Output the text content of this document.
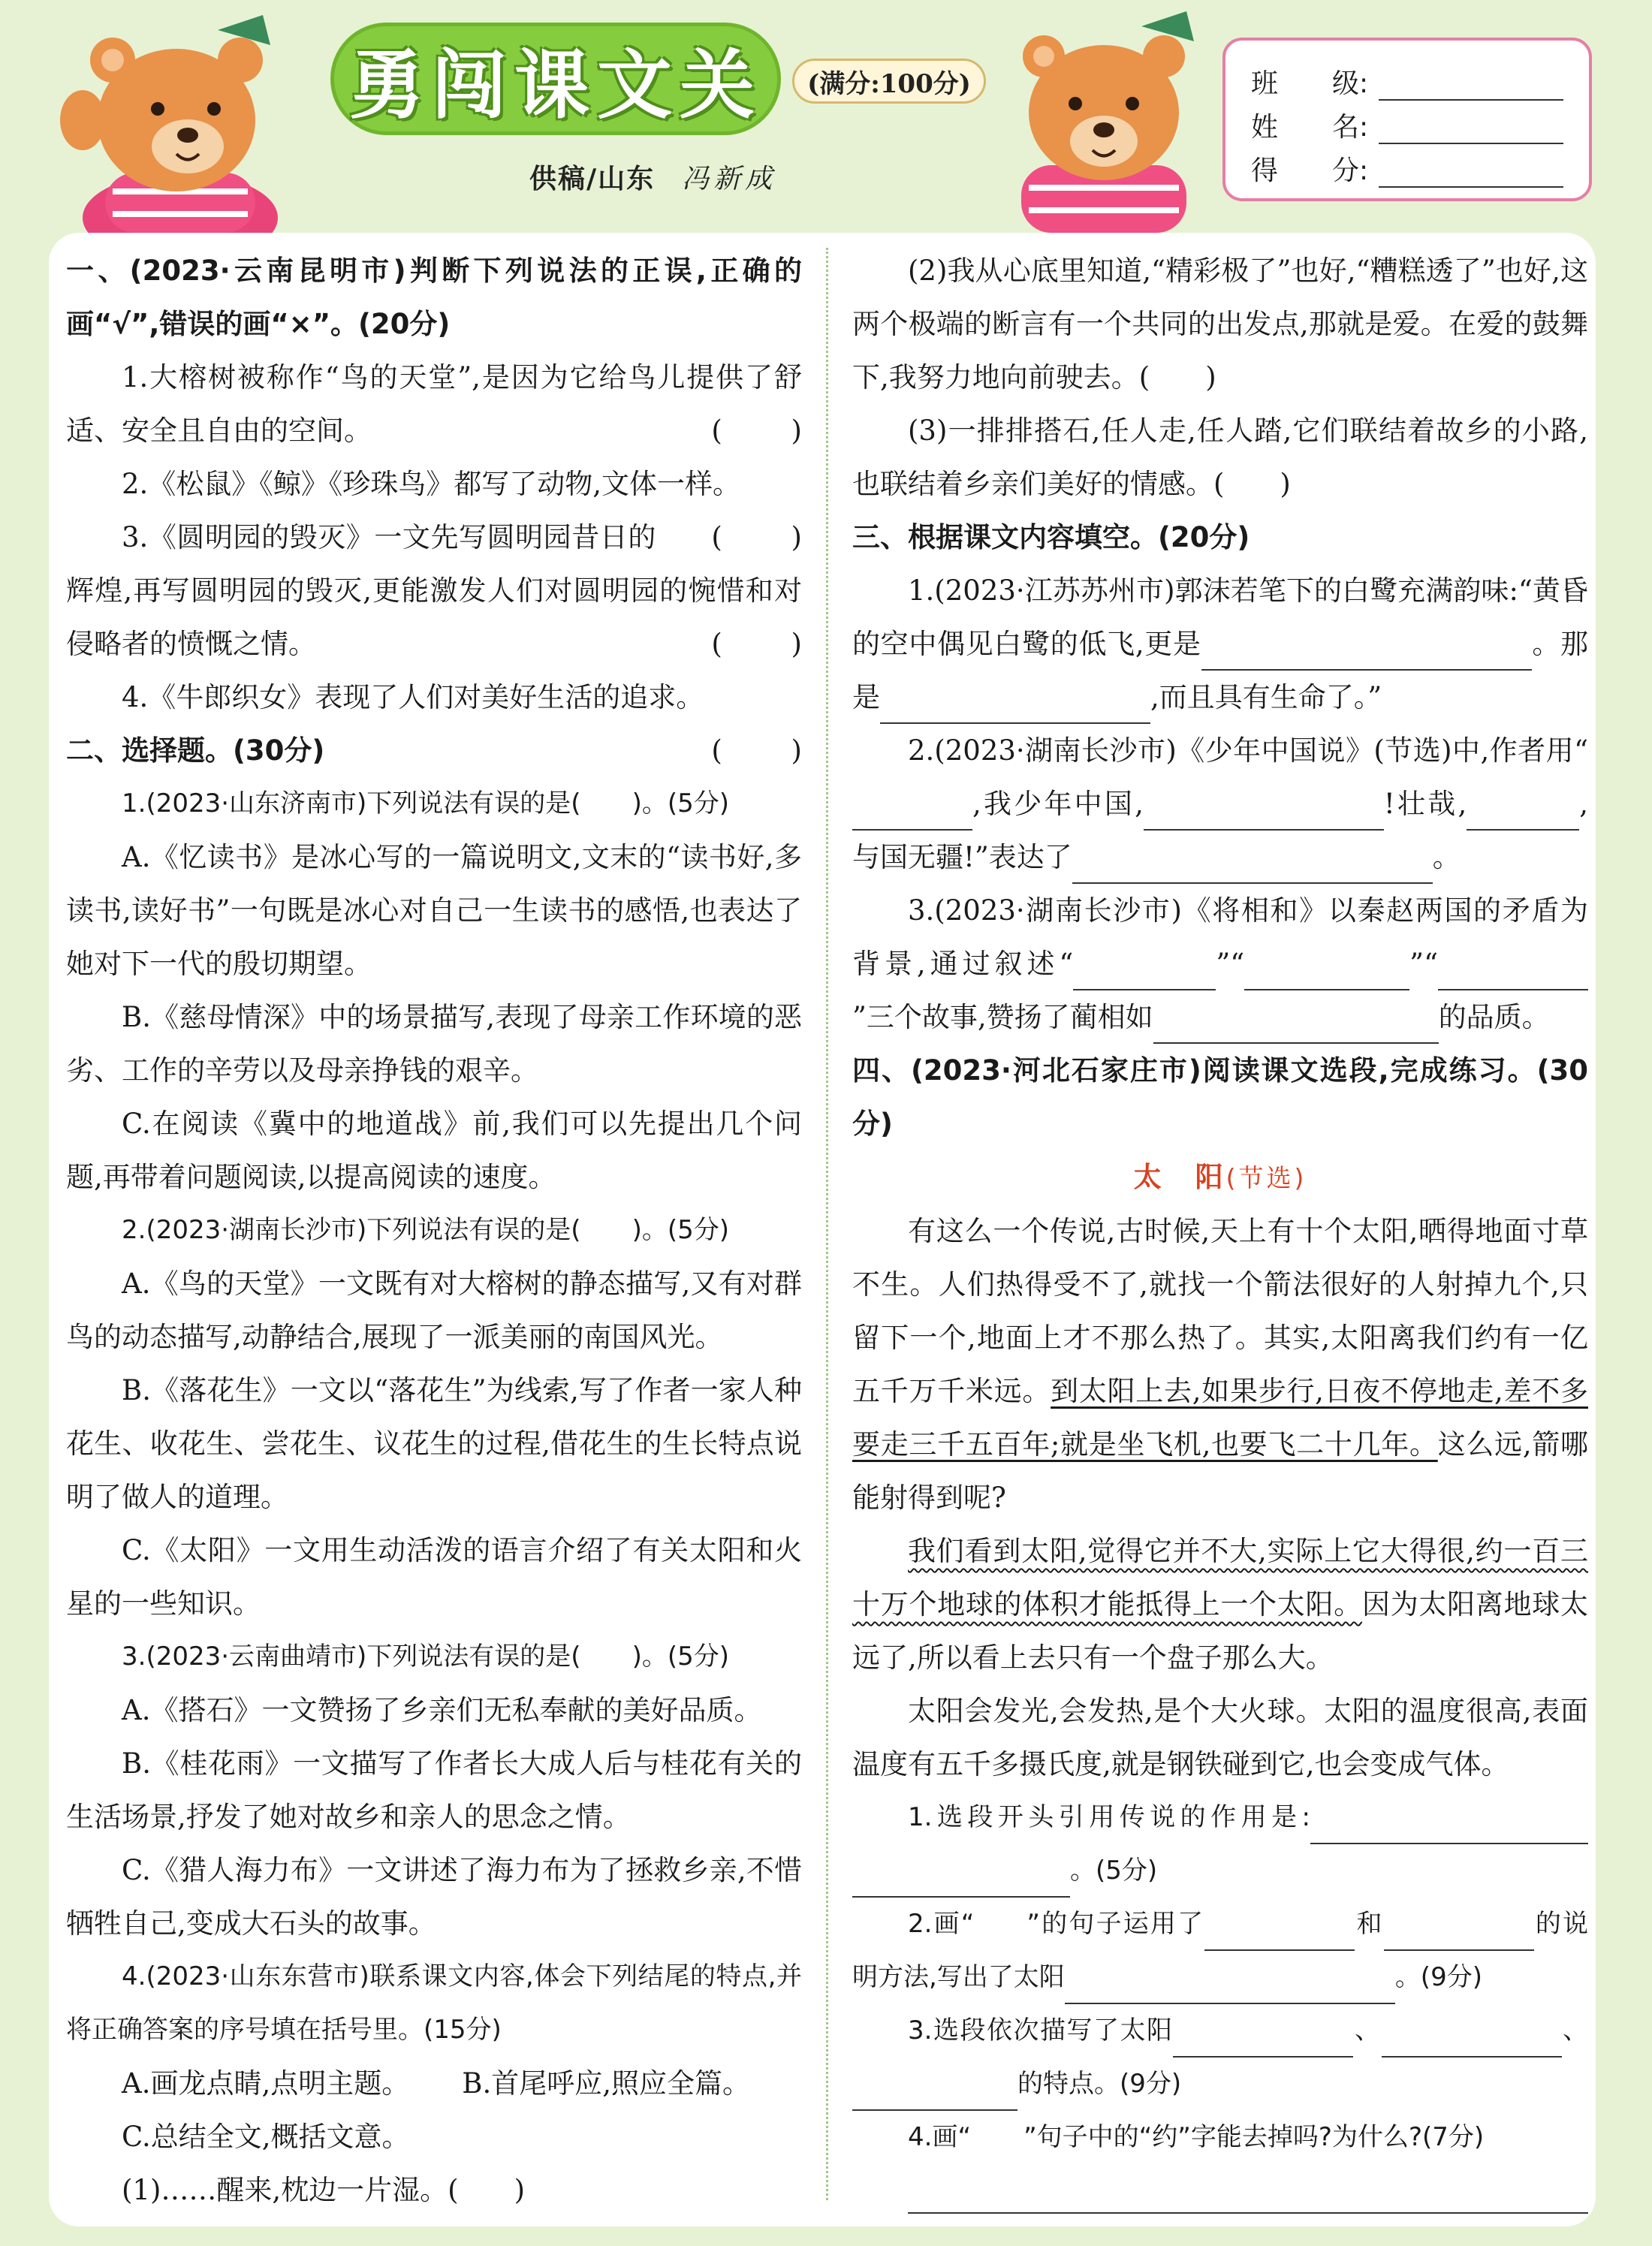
勇闯课文关	(满分:100分)
供稿/山东 冯新成
班　　级:
姓　　名:
得　　分:
一、(2023·云南昆明市)判断下列说法的正误,正确的画“√”,错误的画“×”。(20分)
1.大榕树被称作“鸟的天堂”,是因为它给鸟儿提供了舒适、安全且自由的空间。	( )
2.《松鼠》《鲸》《珍珠鸟》都写了动物,文体一样。
( )
3.《圆明园的毁灭》一文先写圆明园昔日的辉煌,再写圆明园的毁灭,更能激发人们对圆明园的惋惜和对侵略者的愤慨之情。	( )
4.《牛郎织女》表现了人们对美好生活的追求。
( )
二、选择题。(30分)
1.(2023·山东济南市)下列说法有误的是(　　)。(5分)
A.《忆读书》是冰心写的一篇说明文,文末的“读书好,多读书,读好书”一句既是冰心对自己一生读书的感悟,也表达了她对下一代的殷切期望。
B.《慈母情深》中的场景描写,表现了母亲工作环境的恶劣、工作的辛劳以及母亲挣钱的艰辛。
C.在阅读《冀中的地道战》前,我们可以先提出几个问题,再带着问题阅读,以提高阅读的速度。
2.(2023·湖南长沙市)下列说法有误的是(　　)。(5分)
A.《鸟的天堂》一文既有对大榕树的静态描写,又有对群鸟的动态描写,动静结合,展现了一派美丽的南国风光。
B.《落花生》一文以“落花生”为线索,写了作者一家人种花生、收花生、尝花生、议花生的过程,借花生的生长特点说明了做人的道理。
C.《太阳》一文用生动活泼的语言介绍了有关太阳和火星的一些知识。
3.(2023·云南曲靖市)下列说法有误的是(　　)。(5分)
A.《搭石》一文赞扬了乡亲们无私奉献的美好品质。
B.《桂花雨》一文描写了作者长大成人后与桂花有关的生活场景,抒发了她对故乡和亲人的思念之情。
C.《猎人海力布》一文讲述了海力布为了拯救乡亲,不惜牺牲自己,变成大石头的故事。
4.(2023·山东东营市)联系课文内容,体会下列结尾的特点,并将正确答案的序号填在括号里。(15分)
A.画龙点睛,点明主题。 B.首尾呼应,照应全篇。
C.总结全文,概括文意。
(1)……醒来,枕边一片湿。(　　)
(2)我从心底里知道,“精彩极了”也好,“糟糕透了”也好,这两个极端的断言有一个共同的出发点,那就是爱。在爱的鼓舞下,我努力地向前驶去。(　　)
(3)一排排搭石,任人走,任人踏,它们联结着故乡的小路,也联结着乡亲们美好的情感。(　　)
三、根据课文内容填空。(20分)
1.(2023·江苏苏州市)郭沫若笔下的白鹭充满韵味:“黄昏的空中偶见白鹭的低飞,更是	。那是	,而且具有生命了。”
2.(2023·湖南长沙市)《少年中国说》(节选)中,作者用“,我少年中国,	!壮哉,	,与国无疆!”表达了	。
3.(2023·湖南长沙市)《将相和》以秦赵两国的矛盾为背景,通过叙述“	”“	”“”三个故事,赞扬了蔺相如	的品质。
四、(2023·河北石家庄市)阅读课文选段,完成练习。(30分)
太　阳(节选)
有这么一个传说,古时候,天上有十个太阳,晒得地面寸草不生。人们热得受不了,就找一个箭法很好的人射掉九个,只留下一个,地面上才不那么热了。其实,太阳离我们约有一亿五千万千米远。到太阳上去,如果步行,日夜不停地走,差不多要走三千五百年;就是坐飞机,也要飞二十几年。这么远,箭哪能射得到呢?
我们看到太阳,觉得它并不大,实际上它大得很,约一百三十万个地球的体积才能抵得上一个太阳。因为太阳离地球太远了,所以看上去只有一个盘子那么大。
太阳会发光,会发热,是个大火球。太阳的温度很高,表面温度有五千多摄氏度,就是钢铁碰到它,也会变成气体。
1.选段开头引用传说的作用是:。(5分)
2.画“ ”的句子运用了	和	的说明方法,写出了太阳	。(9分)
3.选段依次描写了太阳	、	、的特点。(9分)
4.画“ ”句子中的“约”字能去掉吗?为什么?(7分)
